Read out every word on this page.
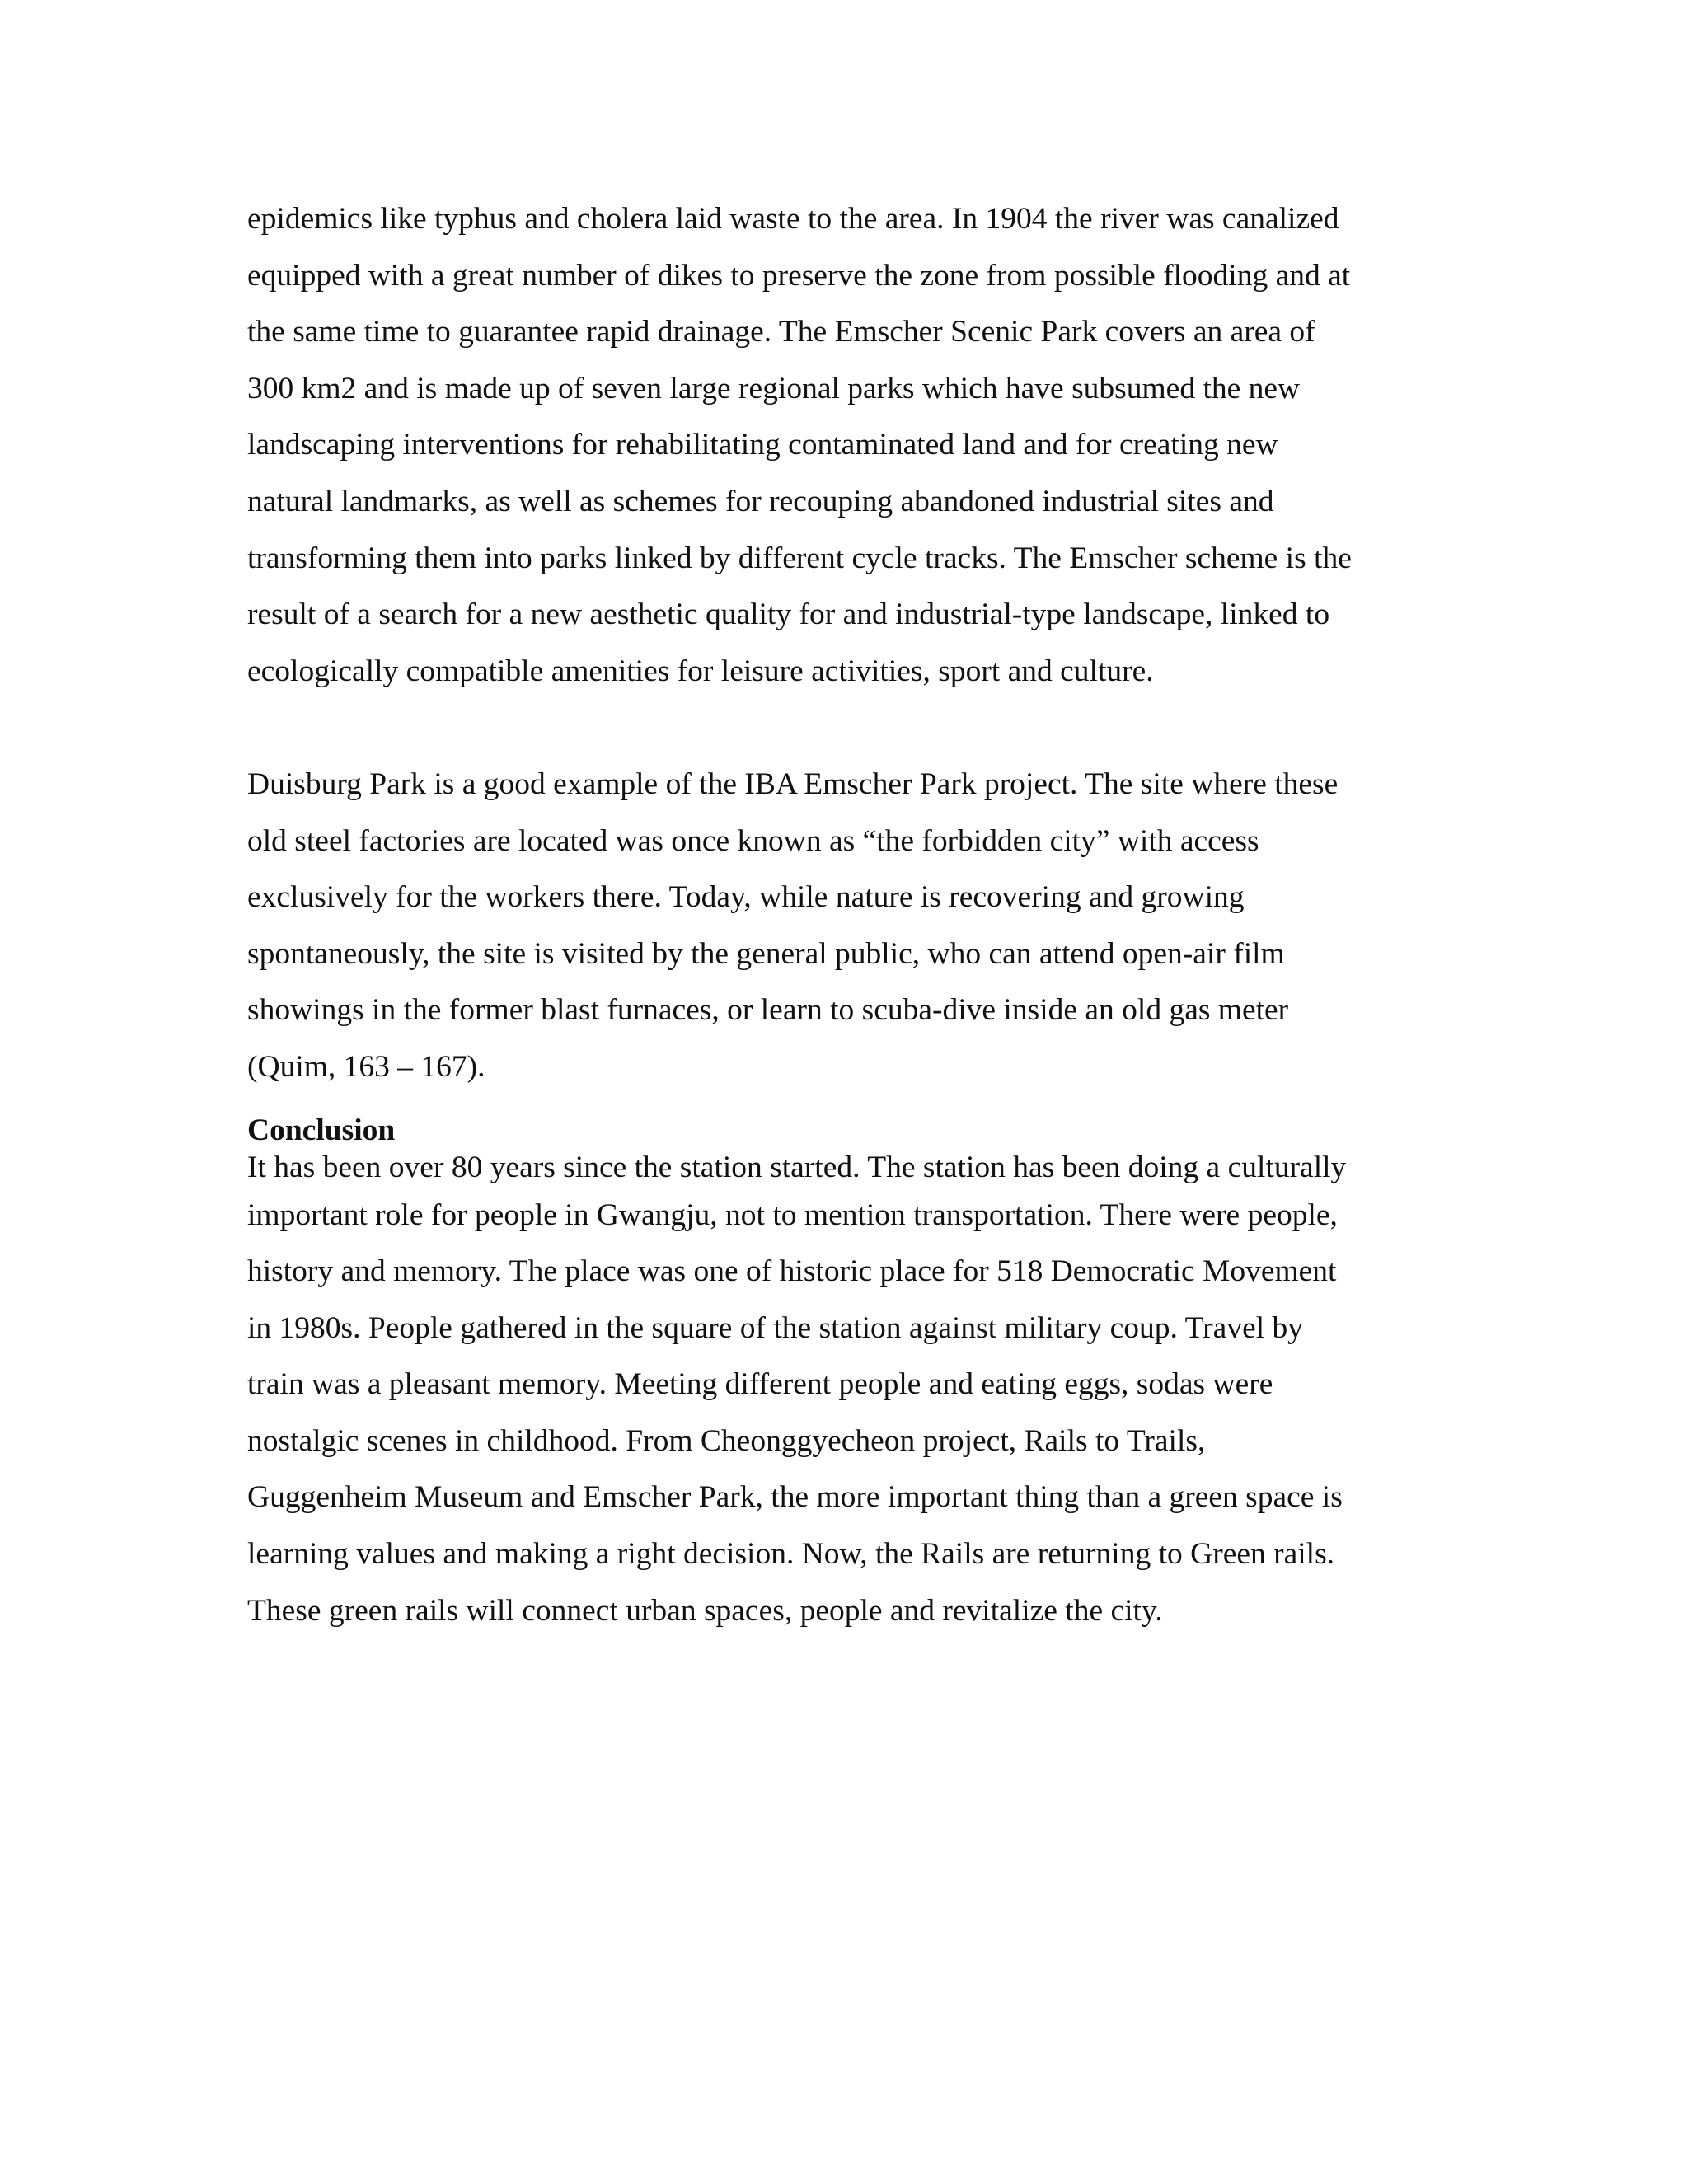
epidemics like typhus and cholera laid waste to the area. In 1904 the river was canalized
equipped with a great number of dikes to preserve the zone from possible flooding and at
the same time to guarantee rapid drainage. The Emscher Scenic Park covers an area of
300 km2 and is made up of seven large regional parks which have subsumed the new
landscaping interventions for rehabilitating contaminated land and for creating new
natural landmarks, as well as schemes for recouping abandoned industrial sites and
transforming them into parks linked by different cycle tracks. The Emscher scheme is the
result of a search for a new aesthetic quality for and industrial-type landscape, linked to
ecologically compatible amenities for leisure activities, sport and culture.
Duisburg Park is a good example of the IBA Emscher Park project. The site where these
old steel factories are located was once known as “the forbidden city” with access
exclusively for the workers there. Today, while nature is recovering and growing
spontaneously, the site is visited by the general public, who can attend open-air film
showings in the former blast furnaces, or learn to scuba-dive inside an old gas meter
(Quim, 163 – 167).
Conclusion
It has been over 80 years since the station started. The station has been doing a culturally
important role for people in Gwangju, not to mention transportation. There were people,
history and memory. The place was one of historic place for 518 Democratic Movement
in 1980s. People gathered in the square of the station against military coup. Travel by
train was a pleasant memory. Meeting different people and eating eggs, sodas were
nostalgic scenes in childhood. From Cheonggyecheon project, Rails to Trails,
Guggenheim Museum and Emscher Park, the more important thing than a green space is
learning values and making a right decision. Now, the Rails are returning to Green rails.
These green rails will connect urban spaces, people and revitalize the city.
